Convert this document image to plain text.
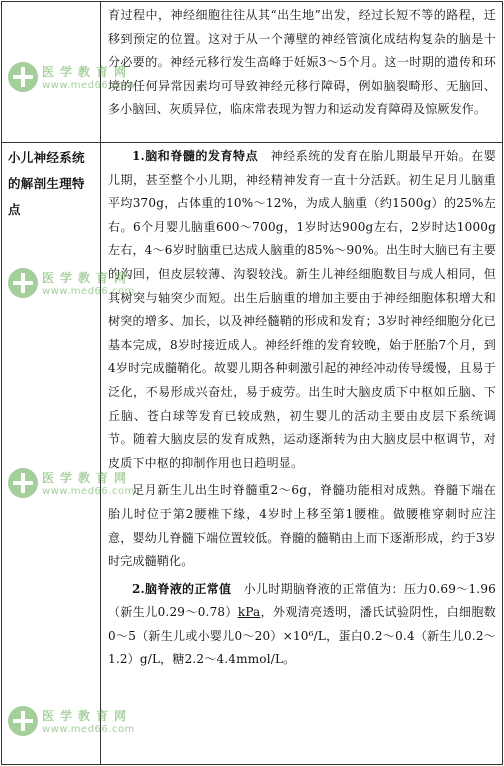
	育过程中，神经细胞往往从其“出生地”出发，经过长短不等的路程，迁移到预定的位置。这对于从一个薄壁的神经管演化成结构复杂的脑是十分必要的。神经元移行发生高峰于妊娠3～5个月。这一时期的遗传和环境的任何异常因素均可导致神经元移行障碍，例如脑裂畸形、无脑回、多小脑回、灰质异位，临床常表现为智力和运动发育障碍及惊厥发作。

小儿神经系统的解剖生理特点	1.脑和脊髓的发育特点　神经系统的发育在胎儿期最早开始。在婴儿期，甚至整个小儿期，神经精神发育一直十分活跃。初生足月儿脑重平均370g，占体重的10%～12%，为成人脑重（约1500g）的25%左右。6个月婴儿脑重600～700g，1岁时达900g左右，2岁时达1000g左右，4～6岁时脑重已达成人脑重的85%～90%。出生时大脑已有主要的沟回，但皮层较薄、沟裂较浅。新生儿神经细胞数目与成人相同，但其树突与轴突少而短。出生后脑重的增加主要由于神经细胞体积增大和树突的增多、加长，以及神经髓鞘的形成和发育；3岁时神经细胞分化已基本完成，8岁时接近成人。神经纤维的发育较晚，始于胚胎7个月，到4岁时完成髓鞘化。故婴儿期各种刺激引起的神经冲动传导缓慢，且易于泛化，不易形成兴奋灶，易于疲劳。出生时大脑皮质下中枢如丘脑、下丘脑、苍白球等发育已较成熟，初生婴儿的活动主要由皮层下系统调节。随着大脑皮层的发育成熟，运动逐渐转为由大脑皮层中枢调节，对皮质下中枢的抑制作用也日趋明显。
足月新生儿出生时脊髓重2～6g，脊髓功能相对成熟。脊髓下端在胎儿时位于第2腰椎下缘，4岁时上移至第1腰椎。做腰椎穿刺时应注意，婴幼儿脊髓下端位置较低。脊髓的髓鞘由上而下逐渐形成，约于3岁时完成髓鞘化。
2.脑脊液的正常值　小儿时期脑脊液的正常值为：压力0.69～1.96（新生儿0.29～0.78）kPa，外观清亮透明，潘氏试验阴性，白细胞数0～5（新生儿或小婴儿0～20）×10⁶/L，蛋白0.2～0.4（新生儿0.2～1.2）g/L，糖2.2～4.4mmol/L。
医学教育网
www.med66.com
医学教育网
www.med66.com
医学教育网
www.med66.com
医学教育网
www.med66.com
